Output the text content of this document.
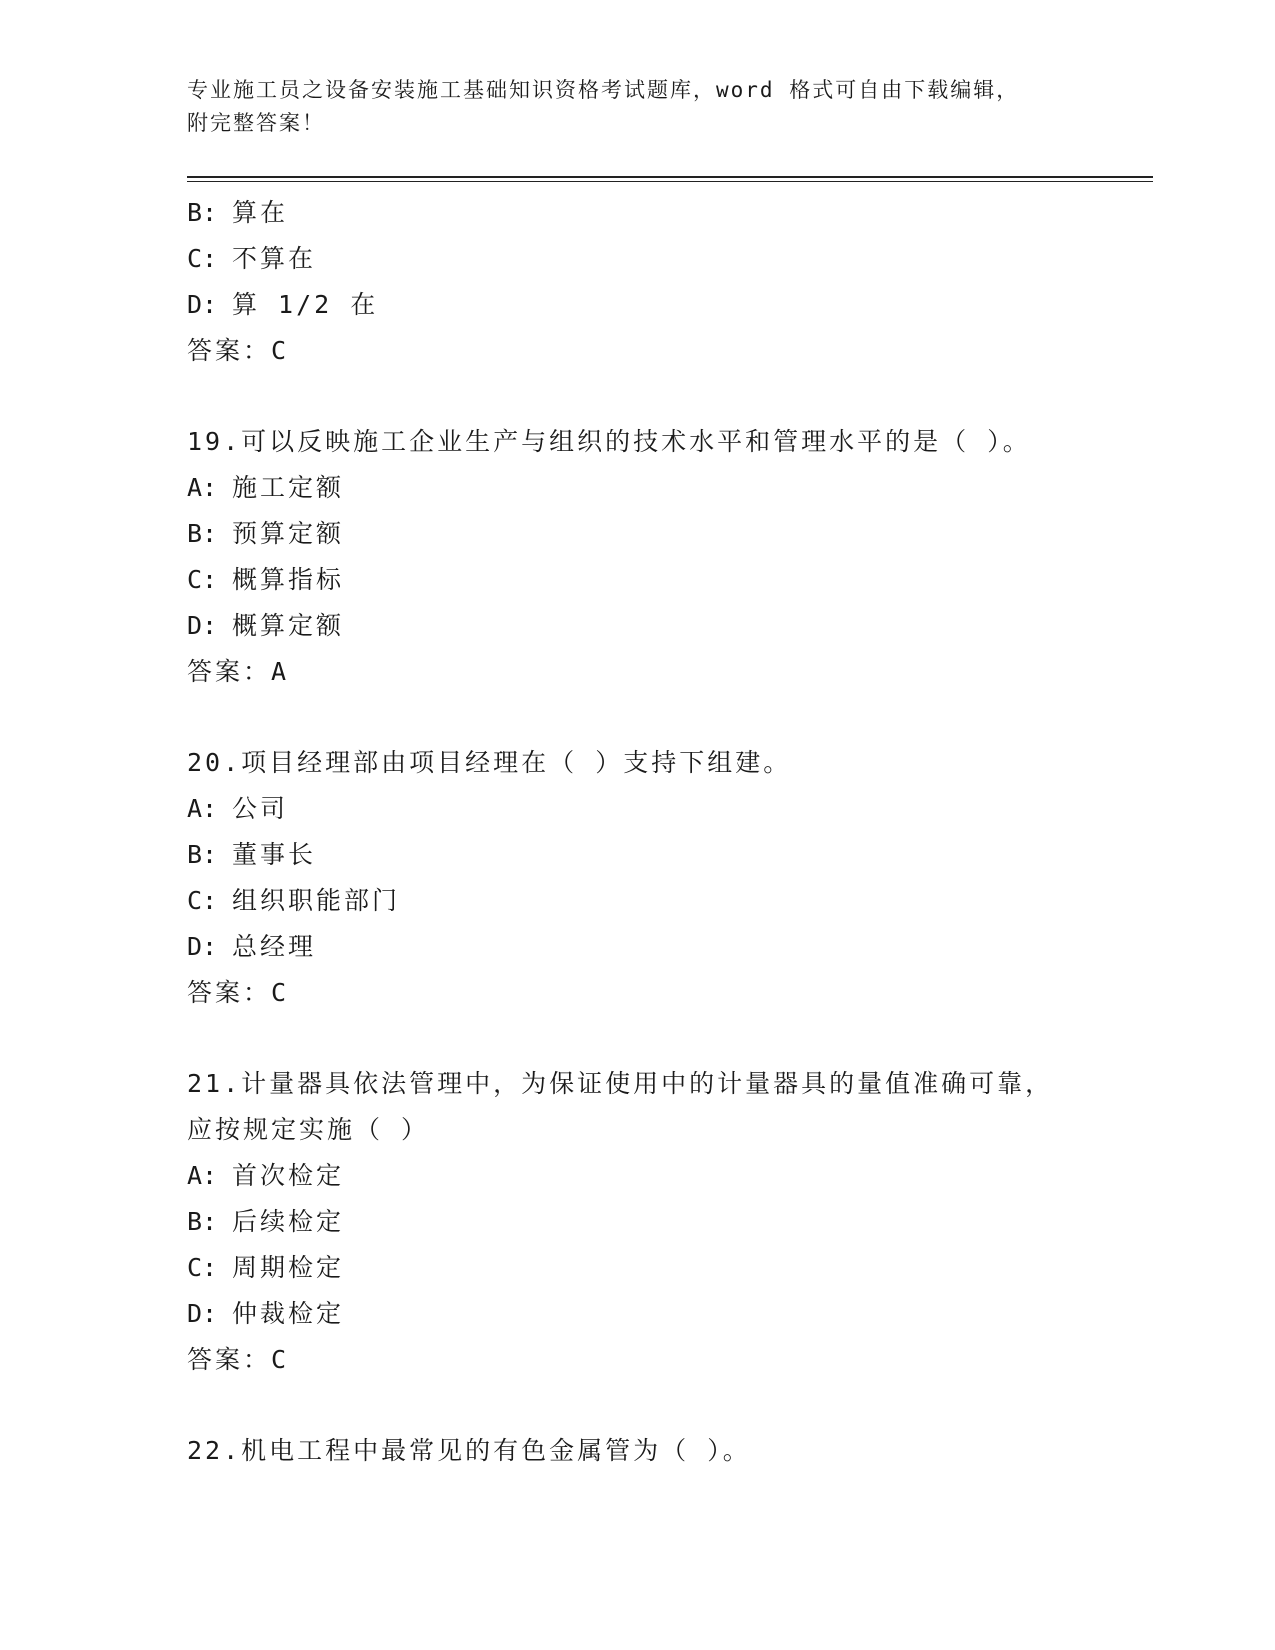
专业施工员之设备安装施工基础知识资格考试题库，word 格式可自由下载编辑，
附完整答案！
B: 算在
C: 不算在
D: 算 1/2 在
答案：C
19.可以反映施工企业生产与组织的技术水平和管理水平的是（ ）。
A: 施工定额
B: 预算定额
C: 概算指标
D: 概算定额
答案：A
20.项目经理部由项目经理在（ ）支持下组建。
A: 公司
B: 董事长
C: 组织职能部门
D: 总经理
答案：C
21.计量器具依法管理中，为保证使用中的计量器具的量值准确可靠，
应按规定实施（ ）
A: 首次检定
B: 后续检定
C: 周期检定
D: 仲裁检定
答案：C
22.机电工程中最常见的有色金属管为（ ）。
